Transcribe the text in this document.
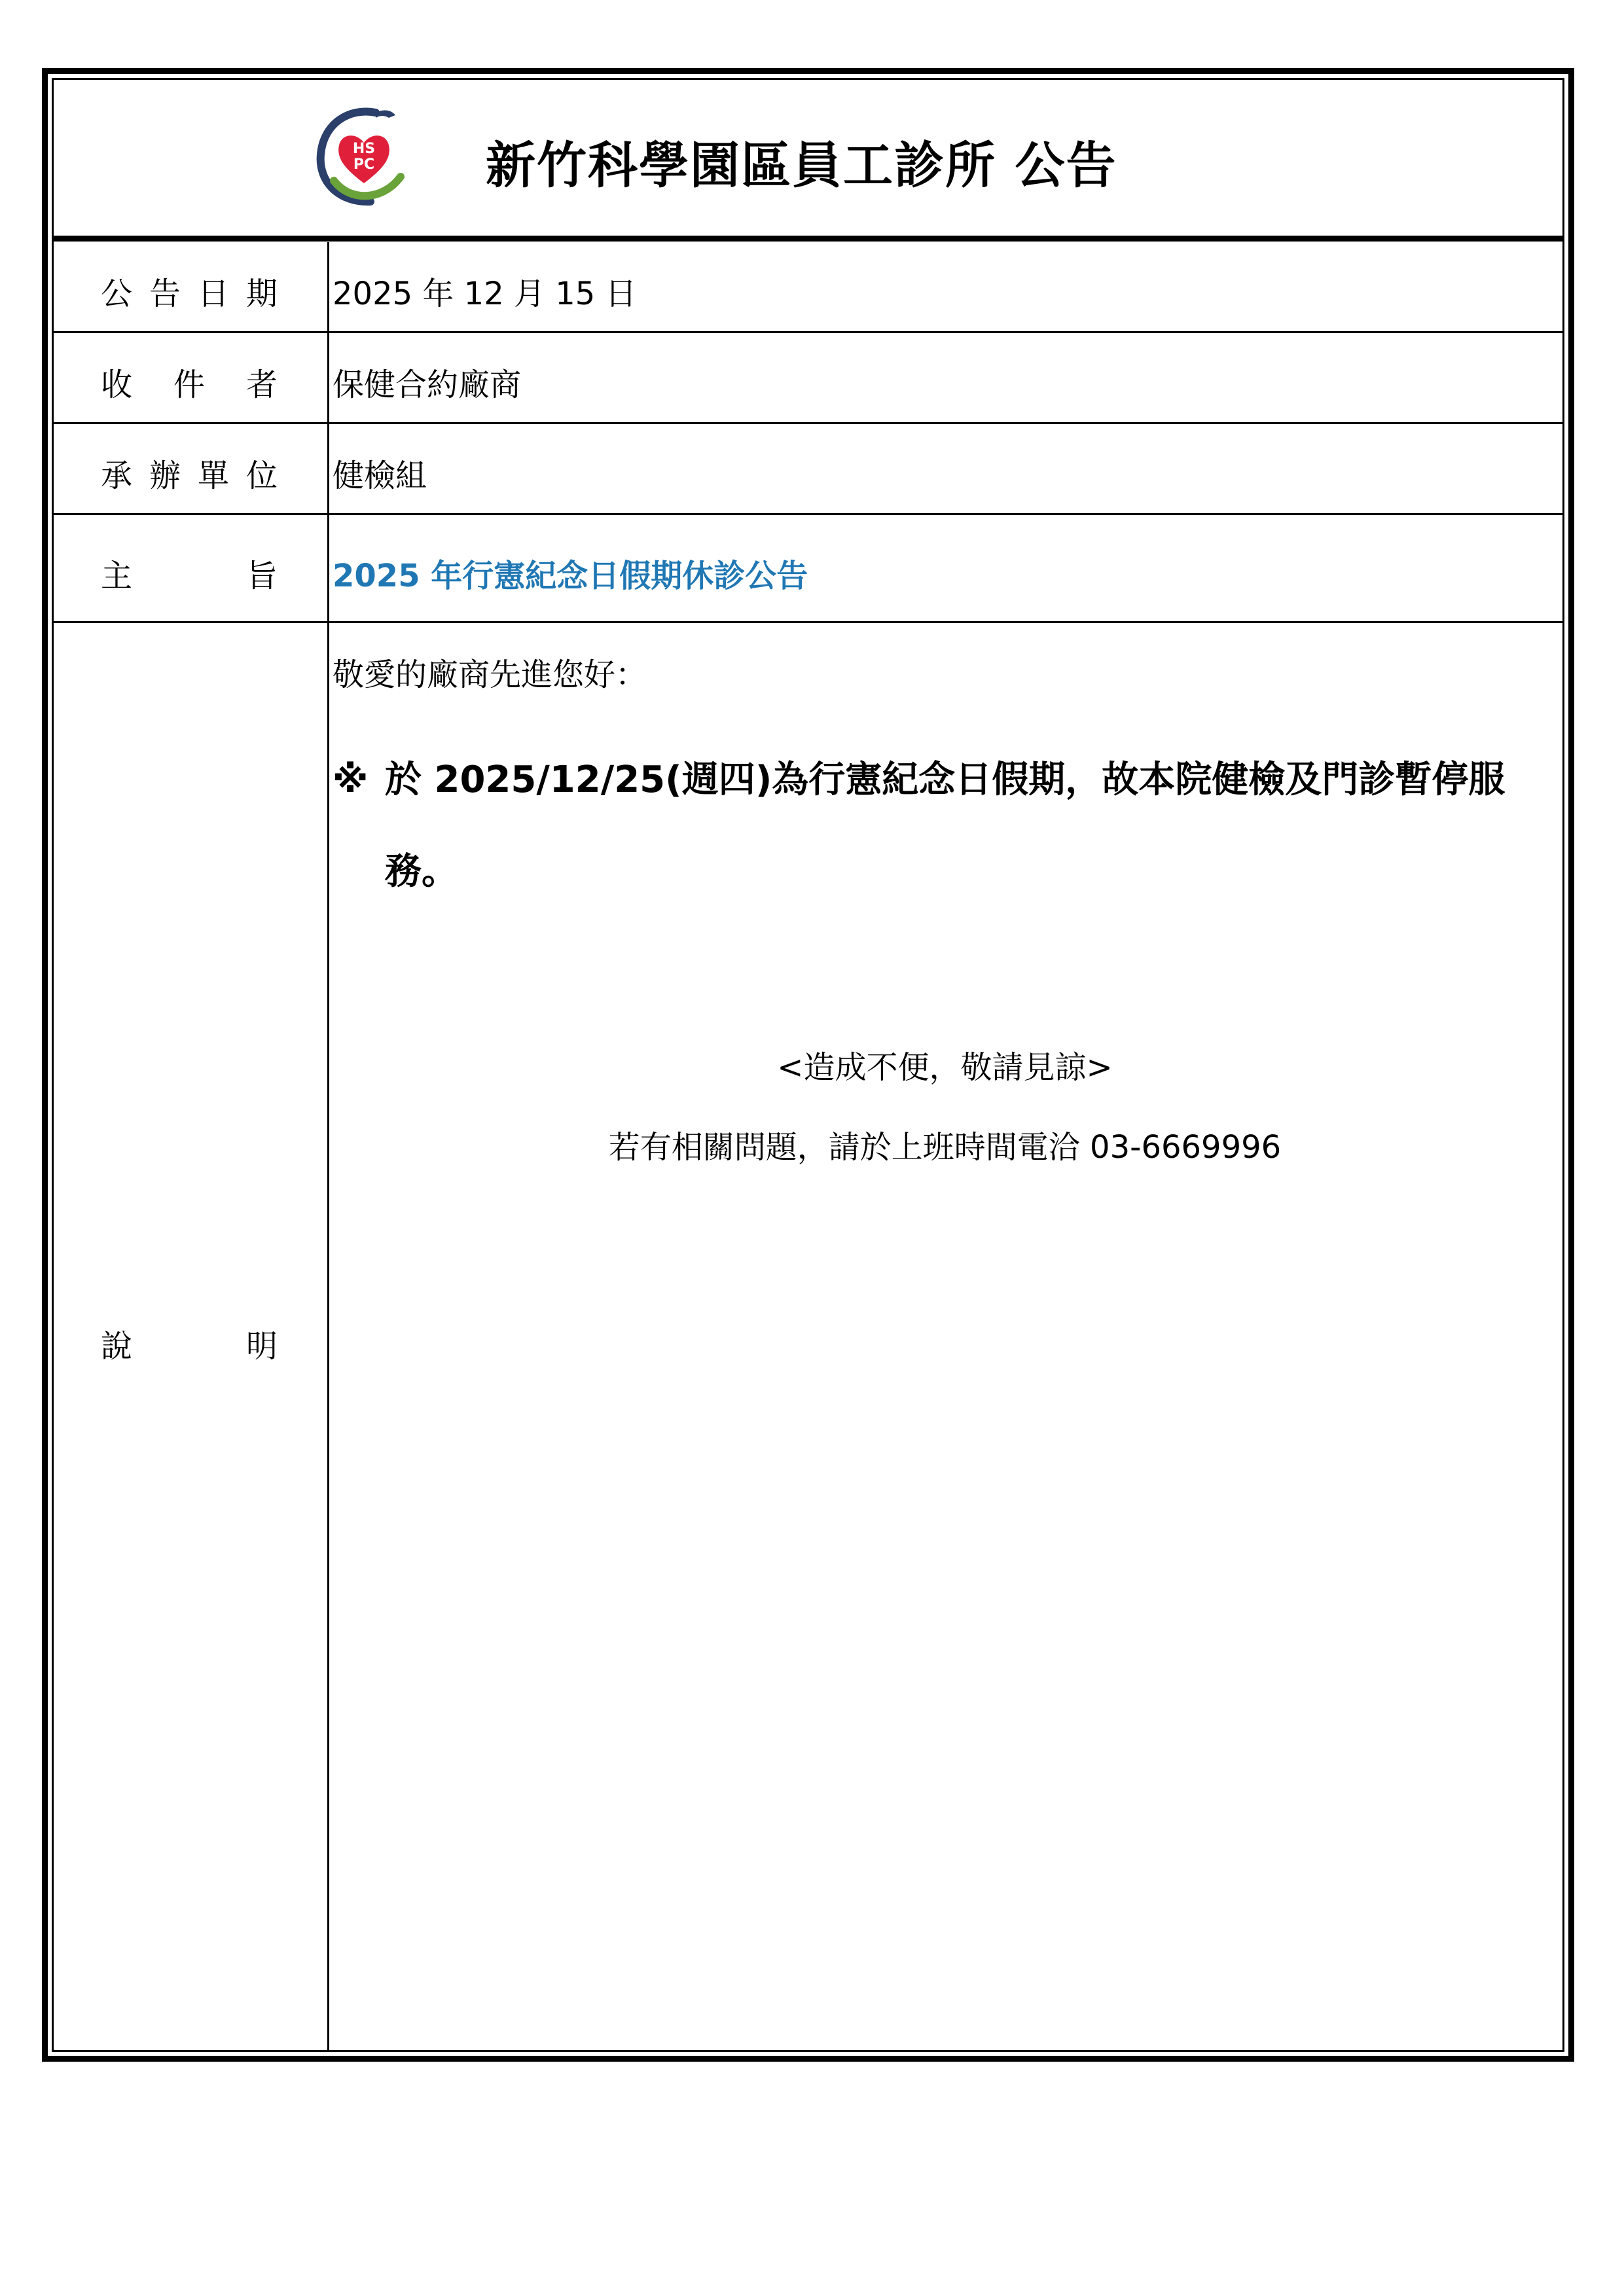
HS
PC 新竹科學園區員工診所 公告
公 告 日 期 2025 年 12 月 15 日
收 件 者 保健合約廠商
承 辦 單 位 健檢組
主	旨 2025 年行憲紀念日假期休診公告
說	明
敬愛的廠商先進您好：
※ 於 2025/12/25(週四)為行憲紀念日假期，故本院健檢及門診暫停服務。
<造成不便，敬請見諒>
若有相關問題，請於上班時間電洽 03-6669996
